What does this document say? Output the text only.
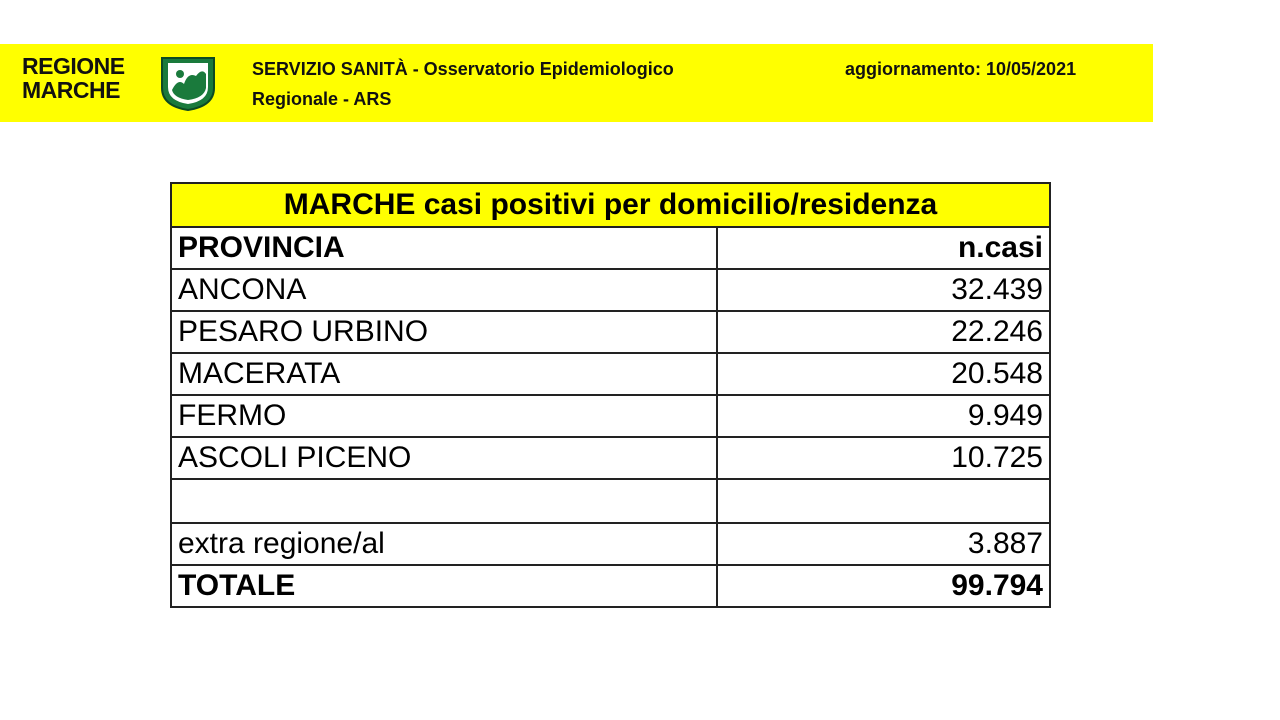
REGIONE
MARCHE
SERVIZIO SANITÀ - Osservatorio Epidemiologico
Regionale - ARS
aggiornamento: 10/05/2021
MARCHE casi positivi per domicilio/residenza	
PROVINCIA	n.casi
ANCONA	32.439
PESARO URBINO	22.246
MACERATA	20.548
FERMO	9.949
ASCOLI PICENO	10.725

extra regione/al	3.887
TOTALE	99.794
